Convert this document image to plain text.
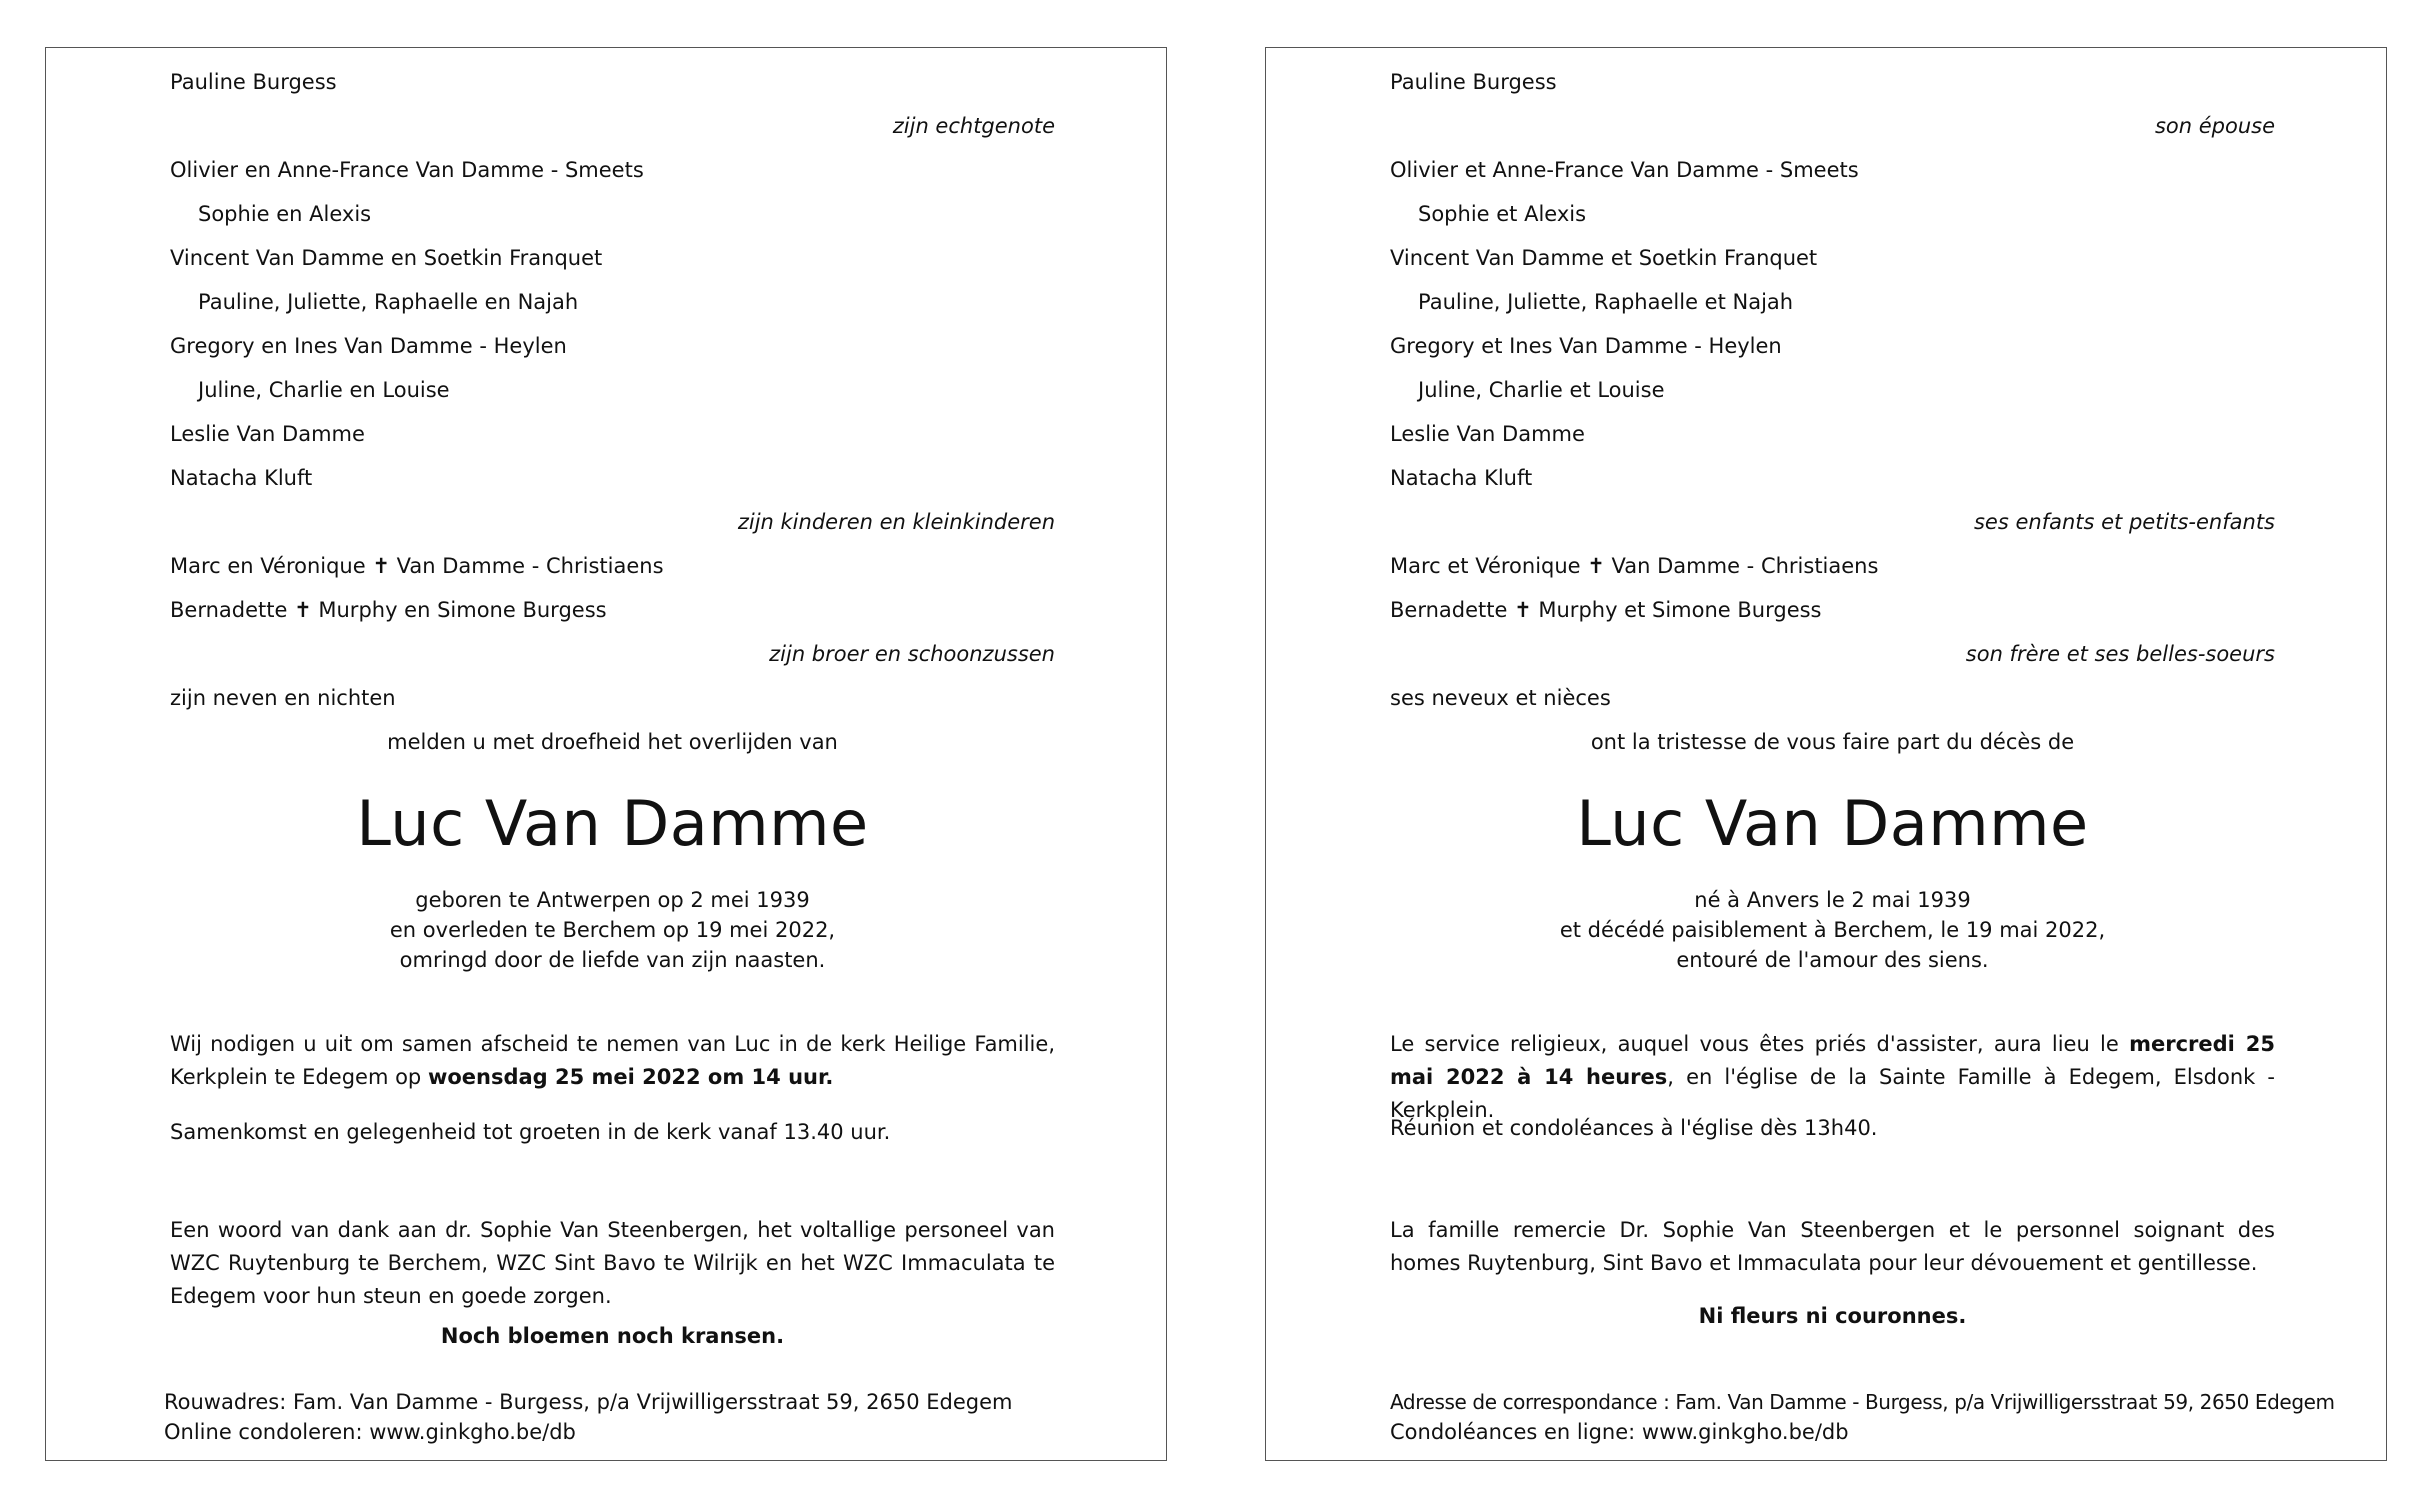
Pauline Burgess
zijn echtgenote
Olivier en Anne-France Van Damme - Smeets
Sophie en Alexis
Vincent Van Damme en Soetkin Franquet
Pauline, Juliette, Raphaelle en Najah
Gregory en Ines Van Damme - Heylen
Juline, Charlie en Louise
Leslie Van Damme
Natacha Kluft
zijn kinderen en kleinkinderen
Marc en Véronique ✝ Van Damme - Christiaens
Bernadette ✝ Murphy en Simone Burgess
zijn broer en schoonzussen
zijn neven en nichten
melden u met droefheid het overlijden van
Luc Van Damme
geboren te Antwerpen op 2 mei 1939
en overleden te Berchem op 19 mei 2022,
omringd door de liefde van zijn naasten.
Wij nodigen u uit om samen afscheid te nemen van Luc in de kerk Heilige Familie, Kerkplein te Edegem op woensdag 25 mei 2022 om 14 uur.
Samenkomst en gelegenheid tot groeten in de kerk vanaf 13.40 uur.
Een woord van dank aan dr. Sophie Van Steenbergen, het voltallige personeel van WZC Ruytenburg te Berchem, WZC Sint Bavo te Wilrijk en het WZC Immaculata te Edegem voor hun steun en goede zorgen.
Noch bloemen noch kransen.
Rouwadres: Fam. Van Damme - Burgess, p/a Vrijwilligersstraat 59, 2650 Edegem
Online condoleren: www.ginkgho.be/db
Pauline Burgess
son épouse
Olivier et Anne-France Van Damme - Smeets
Sophie et Alexis
Vincent Van Damme et Soetkin Franquet
Pauline, Juliette, Raphaelle et Najah
Gregory et Ines Van Damme - Heylen
Juline, Charlie et Louise
Leslie Van Damme
Natacha Kluft
ses enfants et petits-enfants
Marc et Véronique ✝ Van Damme - Christiaens
Bernadette ✝ Murphy et Simone Burgess
son frère et ses belles-soeurs
ses neveux et nièces
ont la tristesse de vous faire part du décès de
Luc Van Damme
né à Anvers le 2 mai 1939
et décédé paisiblement à Berchem, le 19 mai 2022,
entouré de l'amour des siens.
Le service religieux, auquel vous êtes priés d'assister, aura lieu le mercredi 25 mai 2022 à 14 heures, en l'église de la Sainte Famille à Edegem, Elsdonk - Kerkplein.
Réunion et condoléances à l'église dès 13h40.
La famille remercie Dr. Sophie Van Steenbergen et le personnel soignant des homes Ruytenburg, Sint Bavo et Immaculata pour leur dévouement et gentillesse.
Ni fleurs ni couronnes.
Adresse de correspondance : Fam. Van Damme - Burgess, p/a Vrijwilligersstraat 59, 2650 Edegem
Condoléances en ligne: www.ginkgho.be/db
